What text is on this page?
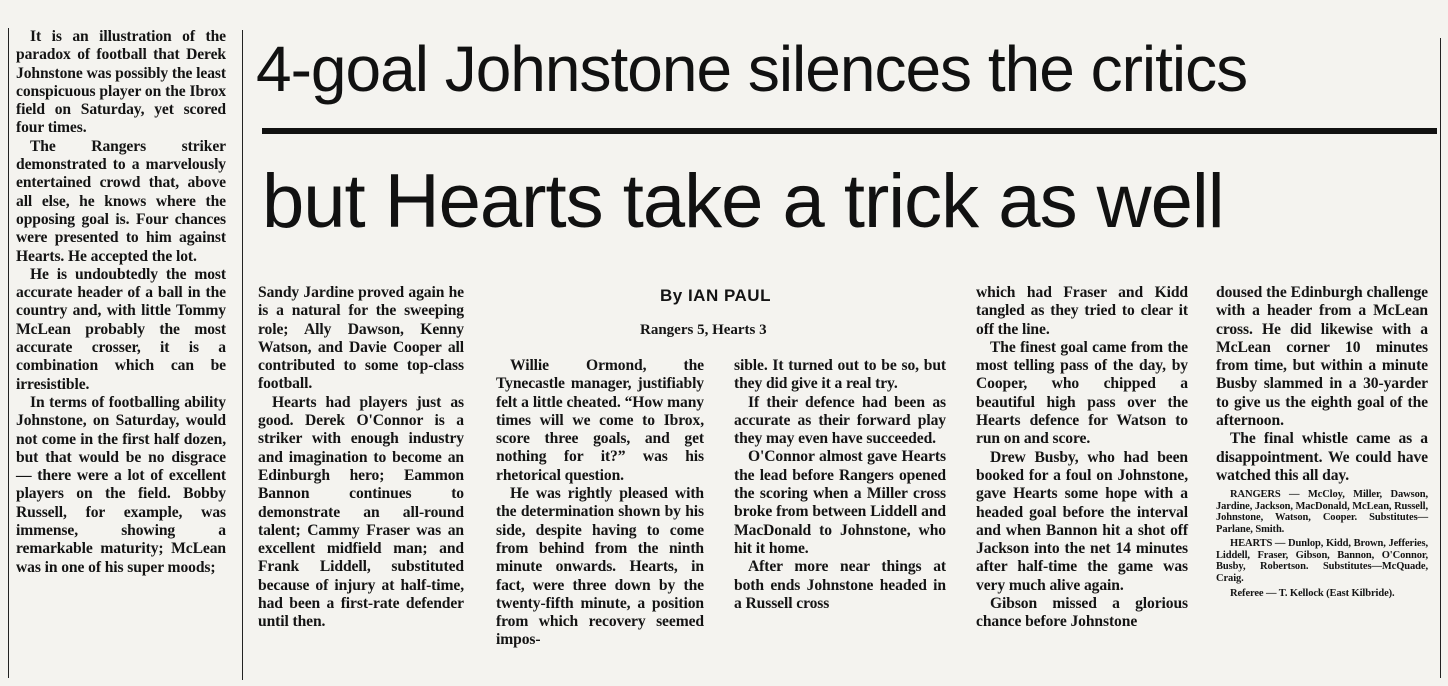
It is an illustration of the paradox of football that Derek Johnstone was possibly the least conspicuous player on the Ibrox field on Saturday, yet scored four times.

The Rangers striker demonstrated to a marvelously entertained crowd that, above all else, he knows where the opposing goal is. Four chances were presented to him against Hearts. He accepted the lot.

He is undoubtedly the most accurate header of a ball in the country and, with little Tommy McLean probably the most accurate crosser, it is a combination which can be irresistible.

In terms of footballing ability Johnstone, on Saturday, would not come in the first half dozen, but that would be no disgrace — there were a lot of excellent players on the field. Bobby Russell, for example, was immense, showing a remarkable maturity; McLean was in one of his super moods;

4-goal Johnstone silences the critics
but Hearts take a trick as well
By IAN PAUL
Rangers 5, Hearts 3

Sandy Jardine proved again he is a natural for the sweeping role; Ally Dawson, Kenny Watson, and Davie Cooper all contributed to some top-class football.

Hearts had players just as good. Derek O'Connor is a striker with enough industry and imagination to become an Edinburgh hero; Eammon Bannon continues to demonstrate an all-round talent; Cammy Fraser was an excellent midfield man; and Frank Liddell, substituted because of injury at half-time, had been a first-rate defender until then.

Willie Ormond, the Tynecastle manager, justifiably felt a little cheated. “How many times will we come to Ibrox, score three goals, and get nothing for it?” was his rhetorical question.

He was rightly pleased with the determination shown by his side, despite having to come from behind from the ninth minute onwards. Hearts, in fact, were three down by the twenty-fifth minute, a position from which recovery seemed impos-

sible. It turned out to be so, but they did give it a real try.

If their defence had been as accurate as their forward play they may even have succeeded.

O'Connor almost gave Hearts the lead before Rangers opened the scoring when a Miller cross broke from between Liddell and MacDonald to Johnstone, who hit it home.

After more near things at both ends Johnstone headed in a Russell cross

which had Fraser and Kidd tangled as they tried to clear it off the line.

The finest goal came from the most telling pass of the day, by Cooper, who chipped a beautiful high pass over the Hearts defence for Watson to run on and score.

Drew Busby, who had been booked for a foul on Johnstone, gave Hearts some hope with a headed goal before the interval and when Bannon hit a shot off Jackson into the net 14 minutes after half-time the game was very much alive again.

Gibson missed a glorious chance before Johnstone

doused the Edinburgh challenge with a header from a McLean cross. He did likewise with a McLean corner 10 minutes from time, but within a minute Busby slammed in a 30-yarder to give us the eighth goal of the afternoon.

The final whistle came as a disappointment. We could have watched this all day.

RANGERS — McCloy, Miller, Dawson, Jardine, Jackson, MacDonald, McLean, Russell, Johnstone, Watson, Cooper. Substitutes—Parlane, Smith.

HEARTS — Dunlop, Kidd, Brown, Jefferies, Liddell, Fraser, Gibson, Bannon, O'Connor, Busby, Robertson. Substitutes—McQuade, Craig.

Referee — T. Kellock (East Kilbride).
